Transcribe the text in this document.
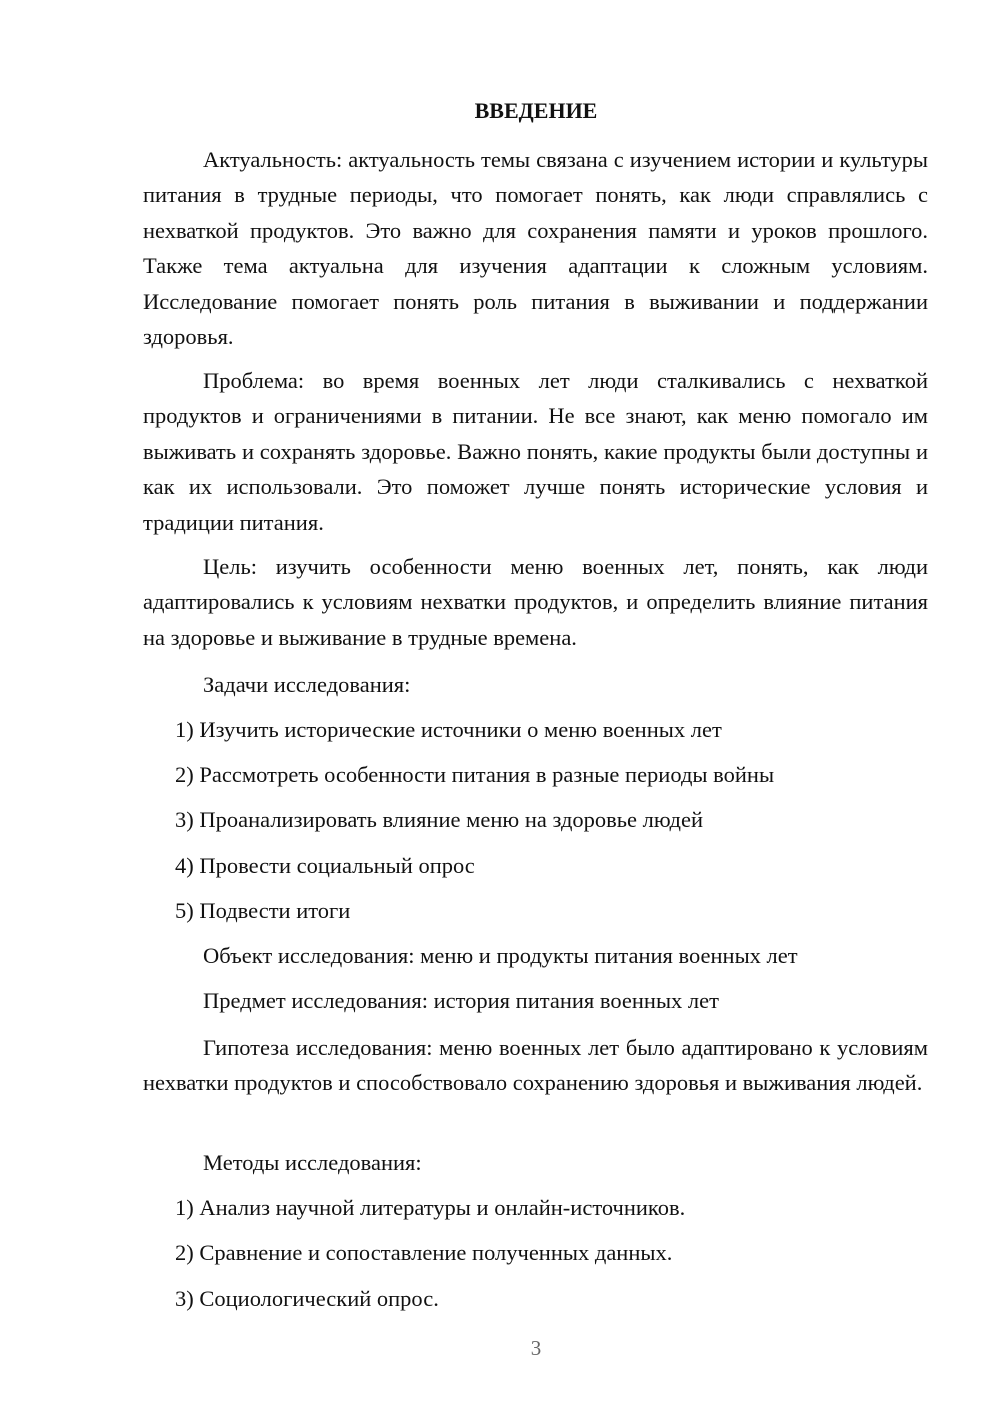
ВВЕДЕНИЕ

Актуальность: актуальность темы связана с изучением истории и культуры питания в трудные периоды, что помогает понять, как люди справлялись с нехваткой продуктов. Это важно для сохранения памяти и уроков прошлого. Также тема актуальна для изучения адаптации к сложным условиям. Исследование помогает понять роль питания в выживании и поддержании здоровья.

Проблема: во время военных лет люди сталкивались с нехваткой продуктов и ограничениями в питании. Не все знают, как меню помогало им выживать и сохранять здоровье. Важно понять, какие продукты были доступны и как их использовали. Это поможет лучше понять исторические условия и традиции питания.

Цель: изучить особенности меню военных лет, понять, как люди адаптировались к условиям нехватки продуктов, и определить влияние питания на здоровье и выживание в трудные времена.

Задачи исследования:

1) Изучить исторические источники о меню военных лет

2) Рассмотреть особенности питания в разные периоды войны

3) Проанализировать влияние меню на здоровье людей

4) Провести социальный опрос

5) Подвести итоги

Объект исследования: меню и продукты питания военных лет

Предмет исследования: история питания военных лет

Гипотеза исследования: меню военных лет было адаптировано к условиям нехватки продуктов и способствовало сохранению здоровья и выживания людей.

Методы исследования:

1) Анализ научной литературы и онлайн-источников.

2) Сравнение и сопоставление полученных данных.

3) Социологический опрос.

3
